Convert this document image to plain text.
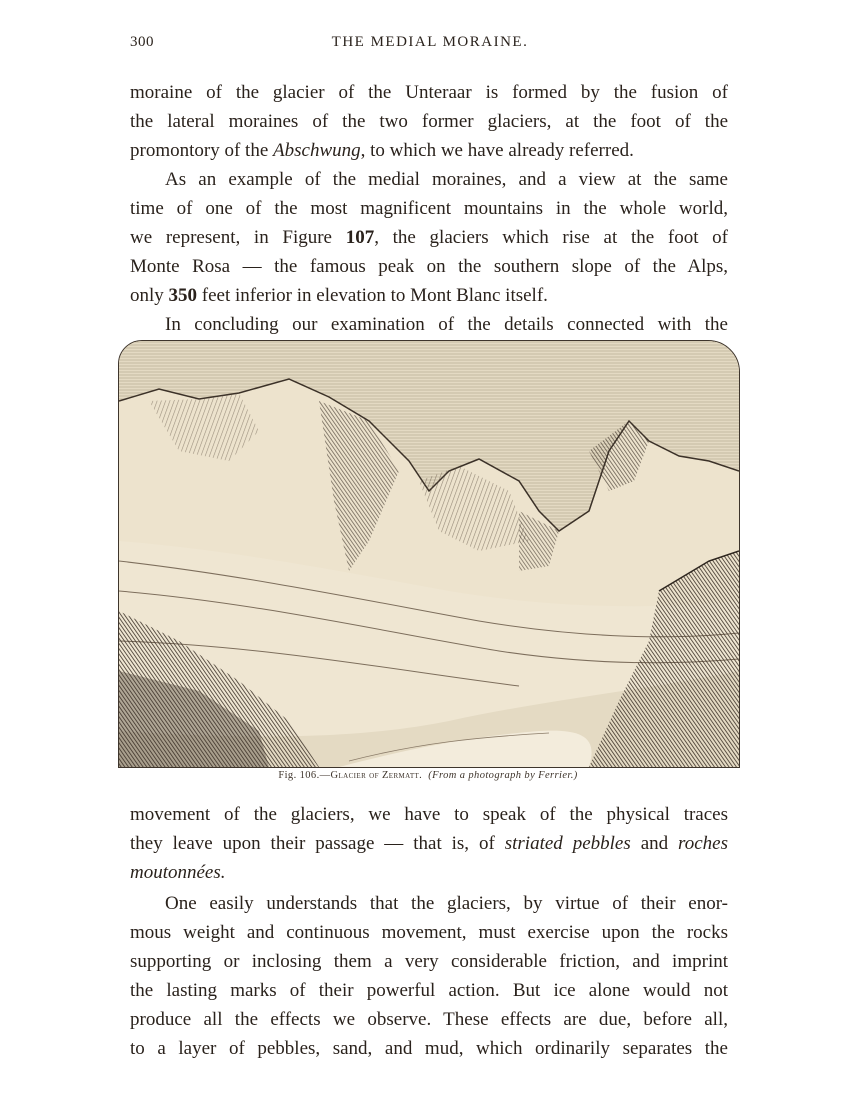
300	THE MEDIAL MORAINE.
moraine of the glacier of the Unteraar is formed by the fusion of
the lateral moraines of the two former glaciers, at the foot of the
promontory of the Abschwung, to which we have already referred.
As an example of the medial moraines, and a view at the same
time of one of the most magnificent mountains in the whole world,
we represent, in Figure 107, the glaciers which rise at the foot of
Monte Rosa — the famous peak on the southern slope of the Alps,
only 350 feet inferior in elevation to Mont Blanc itself.
In concluding our examination of the details connected with the
Fig. 106.—Glacier of Zermatt. (From a photograph by Ferrier.)
movement of the glaciers, we have to speak of the physical traces
they leave upon their passage — that is, of striated pebbles and roches
moutonnées.
One easily understands that the glaciers, by virtue of their enor-
mous weight and continuous movement, must exercise upon the rocks
supporting or inclosing them a very considerable friction, and imprint
the lasting marks of their powerful action. But ice alone would not
produce all the effects we observe. These effects are due, before all,
to a layer of pebbles, sand, and mud, which ordinarily separates the
